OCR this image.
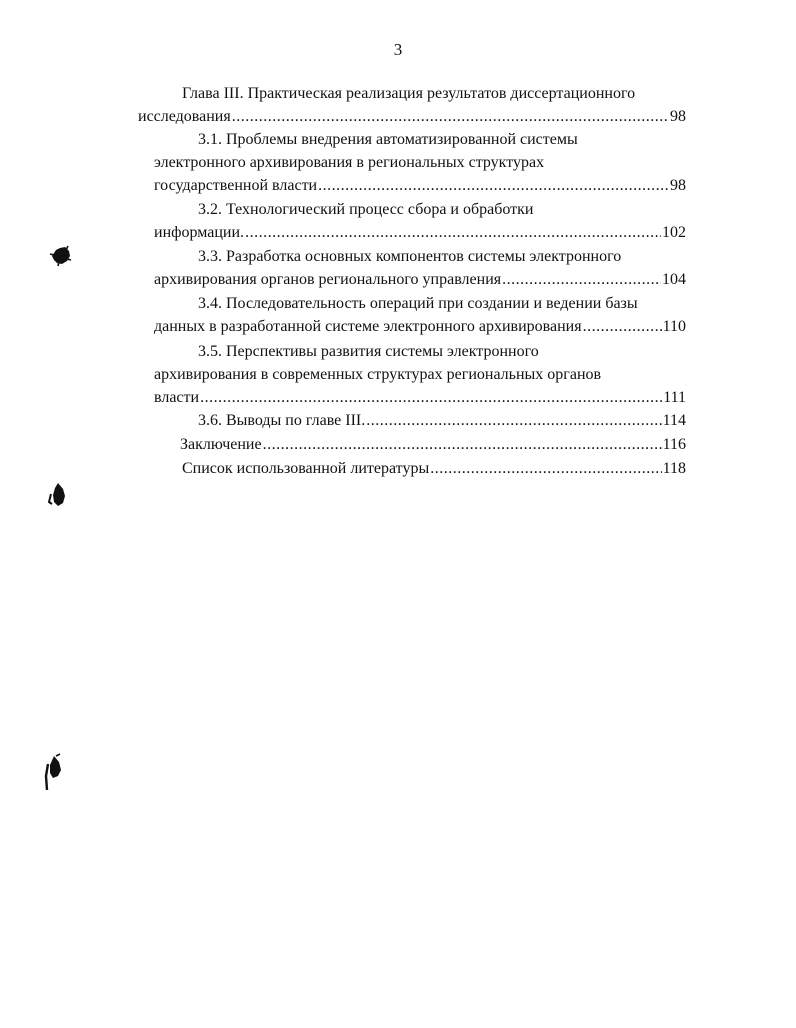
3
Глава III. Практическая реализация результатов диссертационного
исследования .....	98
3.1. Проблемы внедрения автоматизированной системы
электронного архивирования в региональных структурах
государственной власти .....	98
3.2. Технологический процесс сбора и обработки
информации. .....	102
3.3. Разработка основных компонентов системы электронного
архивирования органов регионального управления .....	104
3.4. Последовательность операций при создании и ведении базы
данных в разработанной системе электронного архивирования .....	110
3.5. Перспективы развития системы электронного
архивирования в современных структурах региональных органов
власти .....	111
3.6. Выводы по главе III. .....	114
Заключение .....	116
Список использованной литературы .....	118
